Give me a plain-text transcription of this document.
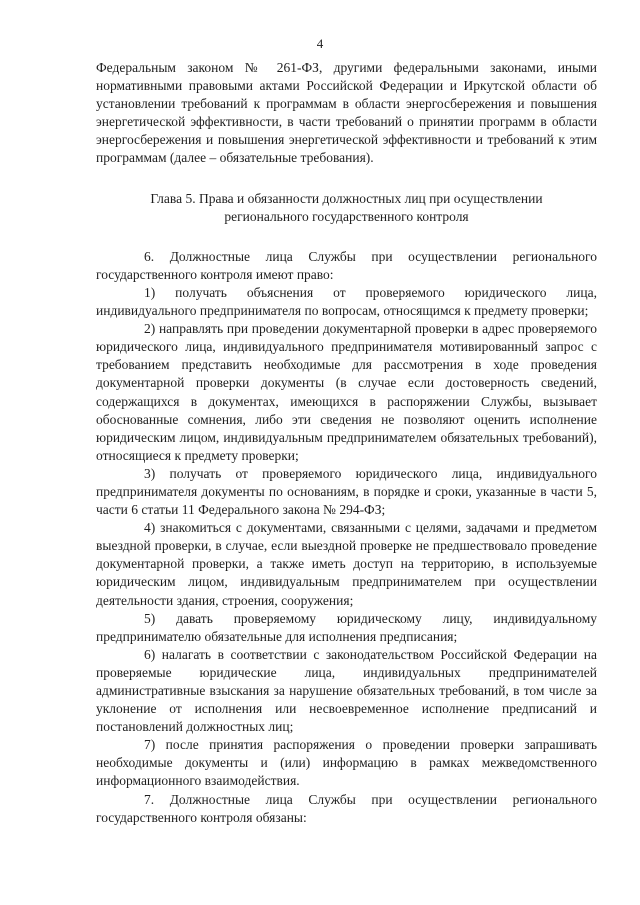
4

Федеральным законом № 261-ФЗ, другими федеральными законами, иными нормативными правовыми актами Российской Федерации и Иркутской области об установлении требований к программам в области энергосбережения и повышения энергетической эффективности, в части требований о принятии программ в области энергосбережения и повышения энергетической эффективности и требований к этим программам (далее – обязательные требования).

Глава 5. Права и обязанности должностных лиц при осуществлении регионального государственного контроля

6. Должностные лица Службы при осуществлении регионального государственного контроля имеют право:

1) получать объяснения от проверяемого юридического лица, индивидуального предпринимателя по вопросам, относящимся к предмету проверки;

2) направлять при проведении документарной проверки в адрес проверяемого юридического лица, индивидуального предпринимателя мотивированный запрос с требованием представить необходимые для рассмотрения в ходе проведения документарной проверки документы (в случае если достоверность сведений, содержащихся в документах, имеющихся в распоряжении Службы, вызывает обоснованные сомнения, либо эти сведения не позволяют оценить исполнение юридическим лицом, индивидуальным предпринимателем обязательных требований), относящиеся к предмету проверки;

3) получать от проверяемого юридического лица, индивидуального предпринимателя документы по основаниям, в порядке и сроки, указанные в части 5, части 6 статьи 11 Федерального закона № 294-ФЗ;

4) знакомиться с документами, связанными с целями, задачами и предметом выездной проверки, в случае, если выездной проверке не предшествовало проведение документарной проверки, а также иметь доступ на территорию, в используемые юридическим лицом, индивидуальным предпринимателем при осуществлении деятельности здания, строения, сооружения;

5) давать проверяемому юридическому лицу, индивидуальному предпринимателю обязательные для исполнения предписания;

6) налагать в соответствии с законодательством Российской Федерации на проверяемые юридические лица, индивидуальных предпринимателей административные взыскания за нарушение обязательных требований, в том числе за уклонение от исполнения или несвоевременное исполнение предписаний и постановлений должностных лиц;

7) после принятия распоряжения о проведении проверки запрашивать необходимые документы и (или) информацию в рамках межведомственного информационного взаимодействия.

7. Должностные лица Службы при осуществлении регионального государственного контроля обязаны:
